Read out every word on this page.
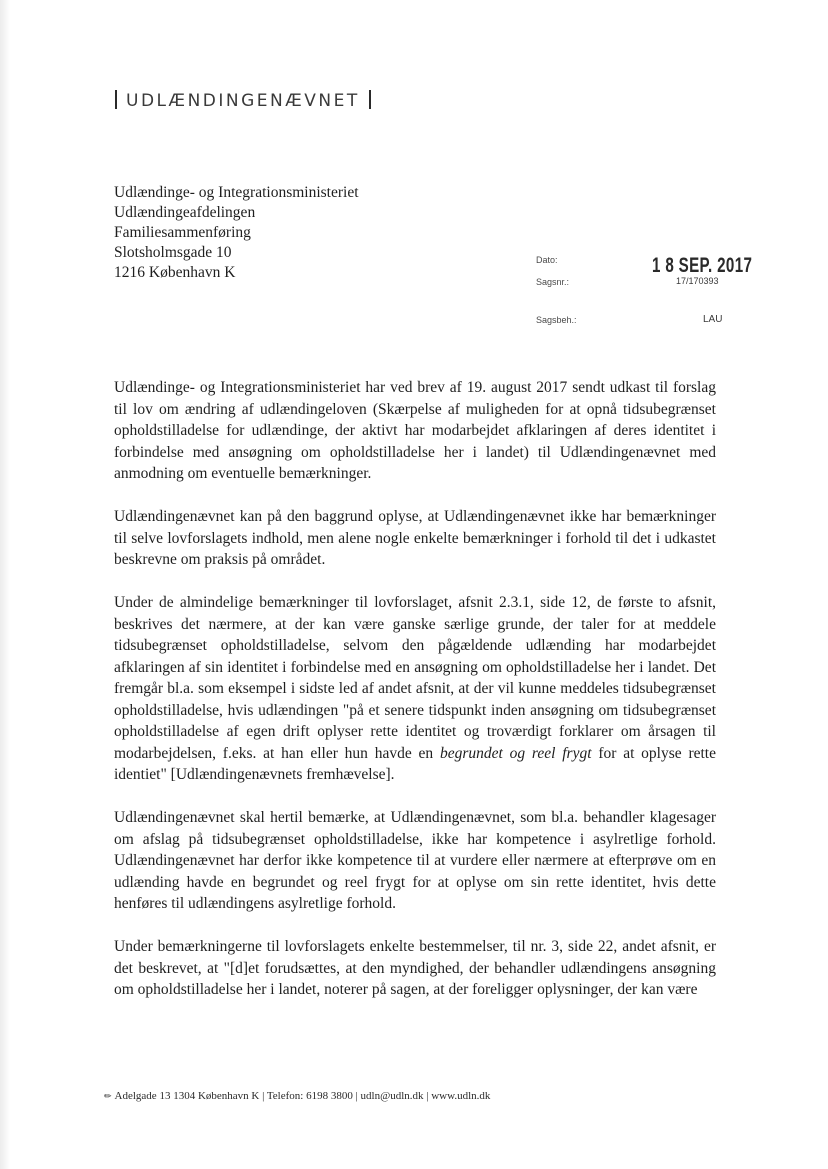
UDLÆNDINGENÆVNET
Udlændinge- og Integrationsministeriet
Udlændingeafdelingen
Familiesammenføring
Slotsholmsgade 10
1216 København K
Dato:
Sagsnr.:
Sagsbeh.:
1 8 SEP. 2017
17/170393
LAU

Udlændinge- og Integrationsministeriet har ved brev af 19. august 2017 sendt udkast til forslag til lov om ændring af udlændingeloven (Skærpelse af muligheden for at opnå tidsubegrænset opholdstilladelse for udlændinge, der aktivt har modarbejdet afklaringen af deres identitet i forbindelse med ansøgning om opholdstilladelse her i landet) til Udlændingenævnet med anmodning om eventuelle bemærkninger.

Udlændingenævnet kan på den baggrund oplyse, at Udlændingenævnet ikke har bemærkninger til selve lovforslagets indhold, men alene nogle enkelte bemærkninger i forhold til det i udkastet beskrevne om praksis på området.

Under de almindelige bemærkninger til lovforslaget, afsnit 2.3.1, side 12, de første to afsnit, beskrives det nærmere, at der kan være ganske særlige grunde, der taler for at meddele tidsubegrænset opholdstilladelse, selvom den pågældende udlænding har modarbejdet afklaringen af sin identitet i forbindelse med en ansøgning om opholdstilladelse her i landet. Det fremgår bl.a. som eksempel i sidste led af andet afsnit, at der vil kunne meddeles tidsubegrænset opholdstilladelse, hvis udlændingen "på et senere tidspunkt inden ansøgning om tidsubegrænset opholdstilladelse af egen drift oplyser rette identitet og troværdigt forklarer om årsagen til modarbejdelsen, f.eks. at han eller hun havde en begrundet og reel frygt for at oplyse rette identiet" [Udlændingenævnets fremhævelse].

Udlændingenævnet skal hertil bemærke, at Udlændingenævnet, som bl.a. behandler klagesager om afslag på tidsubegrænset opholdstilladelse, ikke har kompetence i asylretlige forhold. Udlændingenævnet har derfor ikke kompetence til at vurdere eller nærmere at efterprøve om en udlænding havde en begrundet og reel frygt for at oplyse om sin rette identitet, hvis dette henføres til udlændingens asylretlige forhold.

Under bemærkningerne til lovforslagets enkelte bestemmelser, til nr. 3, side 22, andet afsnit, er det beskrevet, at "[d]et forudsættes, at den myndighed, der behandler udlændingens ansøgning om opholdstilladelse her i landet, noterer på sagen, at der foreligger oplysninger, der kan være

✏ Adelgade 13 1304 København K | Telefon: 6198 3800 | udln@udln.dk | www.udln.dk
